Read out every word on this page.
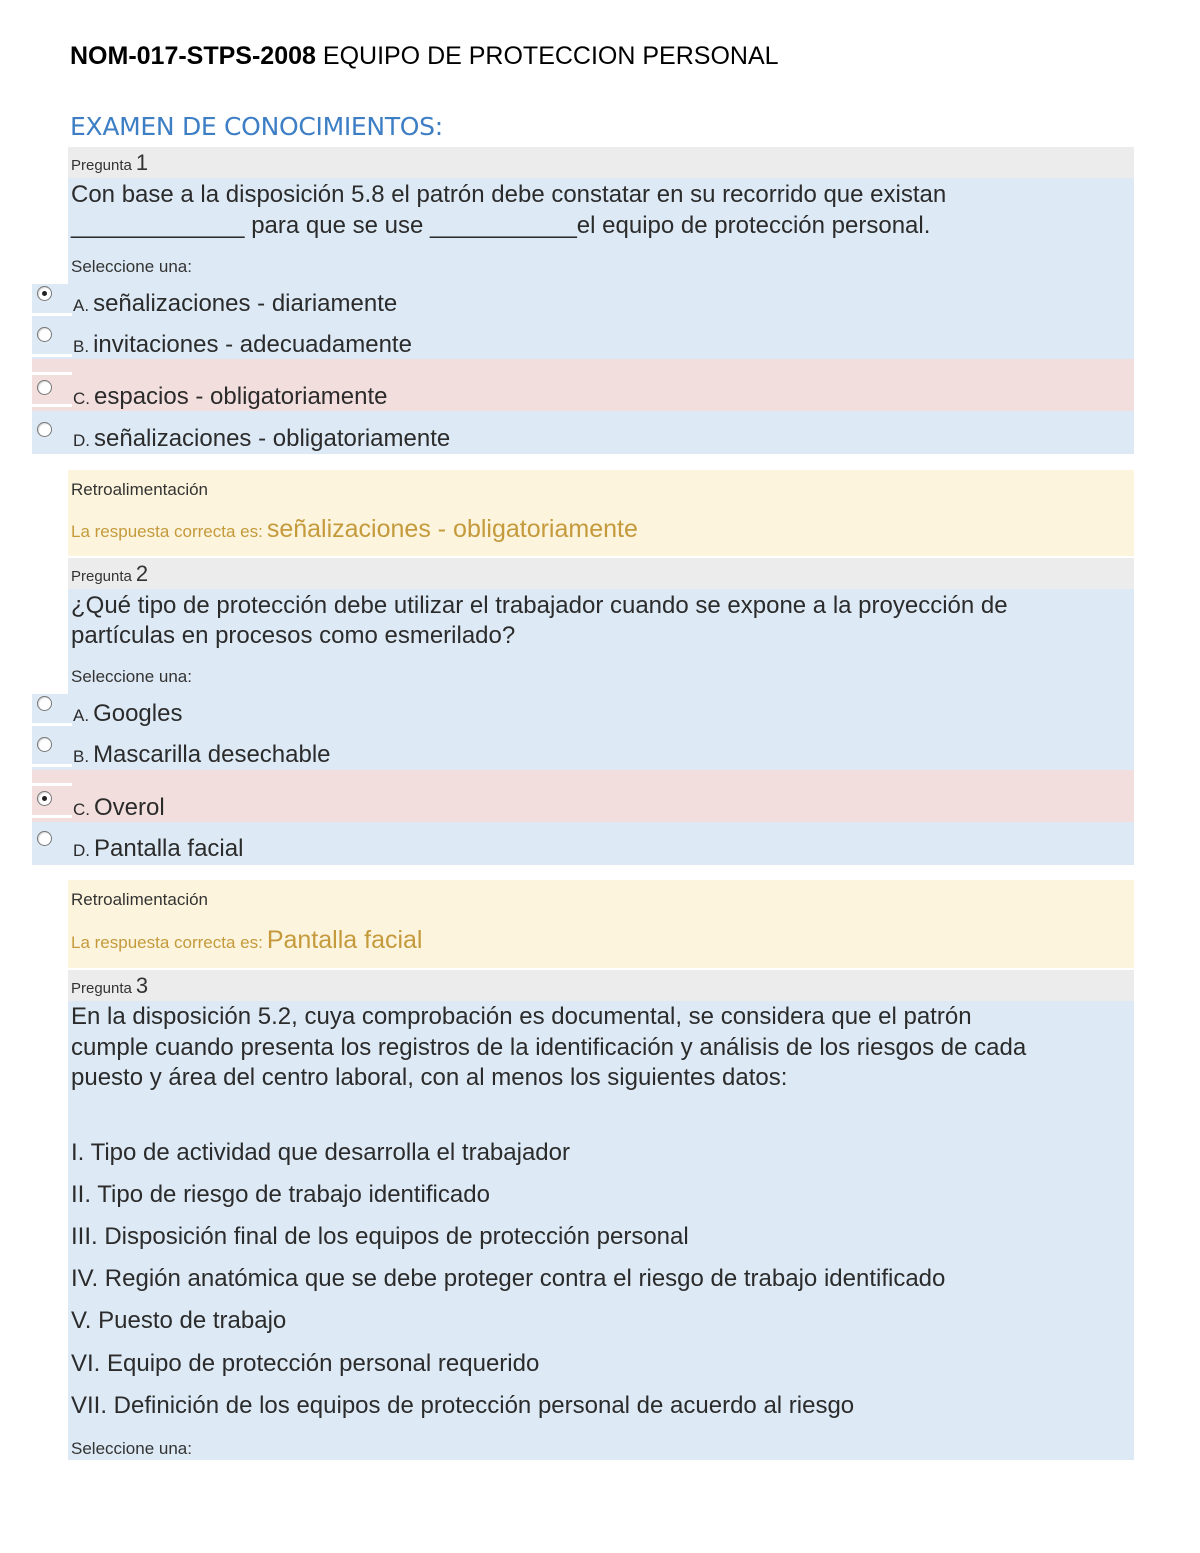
NOM-017-STPS-2008 EQUIPO DE PROTECCION PERSONAL
EXAMEN DE CONOCIMIENTOS:
Pregunta 1
Con base a la disposición 5.8 el patrón debe constatar en su recorrido que existan
_____________ para que se use ___________el equipo de protección personal.
Seleccione una:
A. señalizaciones - diariamente
B. invitaciones - adecuadamente
C. espacios - obligatoriamente
D. señalizaciones - obligatoriamente
Retroalimentación
La respuesta correcta es: señalizaciones - obligatoriamente
Pregunta 2
¿Qué tipo de protección debe utilizar el trabajador cuando se expone a la proyección de
partículas en procesos como esmerilado?
Seleccione una:
A. Googles
B. Mascarilla desechable
C. Overol
D. Pantalla facial
Retroalimentación
La respuesta correcta es: Pantalla facial
Pregunta 3
En la disposición 5.2, cuya comprobación es documental, se considera que el patrón
cumple cuando presenta los registros de la identificación y análisis de los riesgos de cada
puesto y área del centro laboral, con al menos los siguientes datos:
I. Tipo de actividad que desarrolla el trabajador
II. Tipo de riesgo de trabajo identificado
III. Disposición final de los equipos de protección personal
IV. Región anatómica que se debe proteger contra el riesgo de trabajo identificado
V. Puesto de trabajo
VI. Equipo de protección personal requerido
VII. Definición de los equipos de protección personal de acuerdo al riesgo
Seleccione una:
